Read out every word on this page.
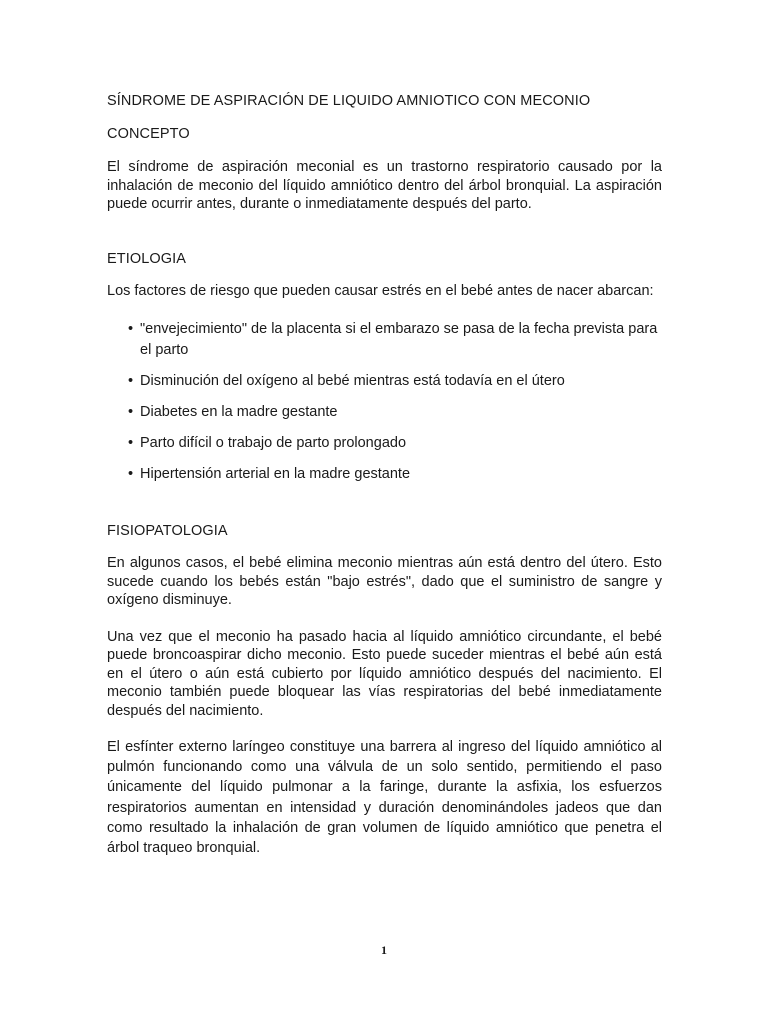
SÍNDROME DE ASPIRACIÓN DE LIQUIDO AMNIOTICO CON MECONIO

CONCEPTO

El síndrome de aspiración meconial es un trastorno respiratorio causado por la inhalación de meconio del líquido amniótico dentro del árbol bronquial. La aspiración puede ocurrir antes, durante o inmediatamente después del parto.

ETIOLOGIA

Los factores de riesgo que pueden causar estrés en el bebé antes de nacer abarcan:

• "envejecimiento" de la placenta si el embarazo se pasa de la fecha prevista para el parto
• Disminución del oxígeno al bebé mientras está todavía en el útero
• Diabetes en la madre gestante
• Parto difícil o trabajo de parto prolongado
• Hipertensión arterial en la madre gestante

FISIOPATOLOGIA

En algunos casos, el bebé elimina meconio mientras aún está dentro del útero. Esto sucede cuando los bebés están "bajo estrés", dado que el suministro de sangre y oxígeno disminuye.

Una vez que el meconio ha pasado hacia al líquido amniótico circundante, el bebé puede broncoaspirar dicho meconio. Esto puede suceder mientras el bebé aún está en el útero o aún está cubierto por líquido amniótico después del nacimiento. El meconio también puede bloquear las vías respiratorias del bebé inmediatamente después del nacimiento.

El esfínter externo laríngeo constituye una barrera al ingreso del líquido amniótico al pulmón funcionando como una válvula de un solo sentido, permitiendo el paso únicamente del líquido pulmonar a la faringe, durante la asfixia, los esfuerzos respiratorios aumentan en intensidad y duración denominándoles jadeos que dan como resultado la inhalación de gran volumen de líquido amniótico que penetra el árbol traqueo bronquial.

1
